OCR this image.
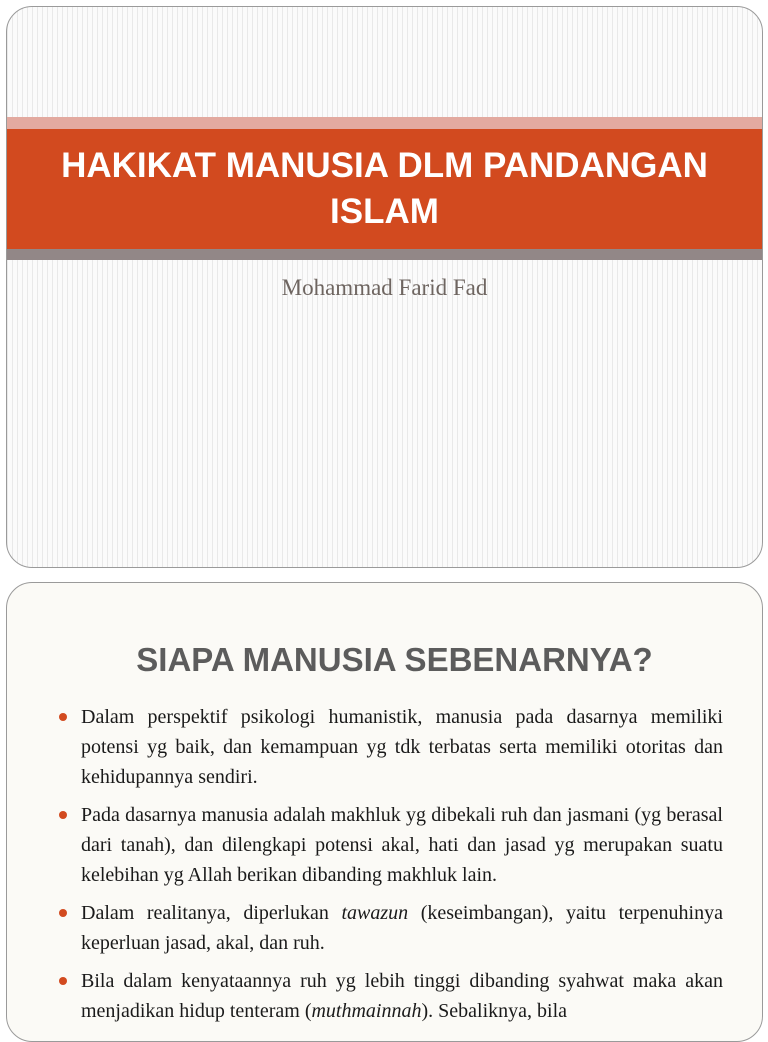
HAKIKAT MANUSIA DLM PANDANGAN ISLAM

Mohammad Farid Fad

SIAPA MANUSIA SEBENARNYA?
Dalam perspektif psikologi humanistik, manusia pada dasarnya memiliki potensi yg baik, dan kemampuan yg tdk terbatas serta memiliki otoritas dan kehidupannya sendiri.
Pada dasarnya manusia adalah makhluk yg dibekali ruh dan jasmani (yg berasal dari tanah), dan dilengkapi potensi akal, hati dan jasad yg merupakan suatu kelebihan yg Allah berikan dibanding makhluk lain.
Dalam realitanya, diperlukan tawazun (keseimbangan), yaitu terpenuhinya keperluan jasad, akal, dan ruh.
Bila dalam kenyataannya ruh yg lebih tinggi dibanding syahwat maka akan menjadikan hidup tenteram (muthmainnah). Sebaliknya, bila
